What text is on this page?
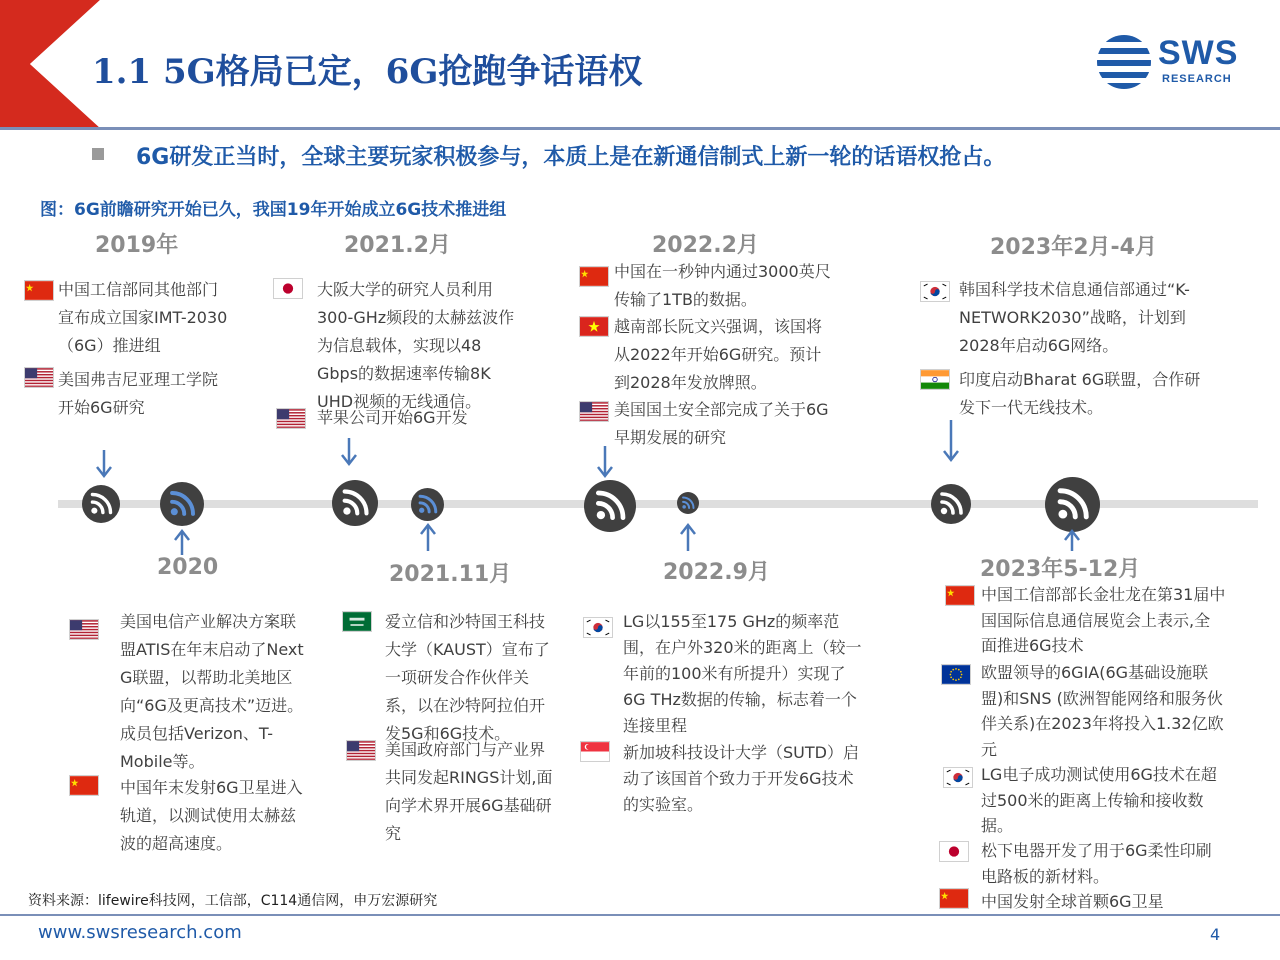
1.1 5G格局已定，6G抢跑争话语权	SWS
RESEARCH
6G研发正当时，全球主要玩家积极参与，本质上是在新通信制式上新一轮的话语权抢占。
图：6G前瞻研究开始已久，我国19年开始成立6G技术推进组
2019年	2021.2月	2022.2月	2023年2月-4月
2020	2021.11月	2022.9月	2023年5-12月
中国工信部同其他部门宣布成立国家IMT-2030（6G）推进组
美国弗吉尼亚理工学院开始6G研究
大阪大学的研究人员利用300-GHz频段的太赫兹波作为信息载体，实现以48 Gbps的数据速率传输8K UHD视频的无线通信。
苹果公司开始6G开发
中国在一秒钟内通过3000英尺传输了1TB的数据。
越南部长阮文兴强调，该国将从2022年开始6G研究。预计到2028年发放牌照。
美国国土安全部完成了关于6G早期发展的研究
韩国科学技术信息通信部通过“K-NETWORK2030”战略，计划到2028年启动6G网络。
印度启动Bharat 6G联盟，合作研发下一代无线技术。
美国电信产业解决方案联盟ATIS在年末启动了Next G联盟，以帮助北美地区向“6G及更高技术”迈进。成员包括Verizon、T-Mobile等。
中国年末发射6G卫星进入轨道，以测试使用太赫兹波的超高速度。
爱立信和沙特国王科技大学（KAUST）宣布了一项研发合作伙伴关系，以在沙特阿拉伯开发5G和6G技术。
美国政府部门与产业界共同发起RINGS计划,面向学术界开展6G基础研究
LG以155至175 GHz的频率范围，在户外320米的距离上（较一年前的100米有所提升）实现了6G THz数据的传输，标志着一个连接里程
新加坡科技设计大学（SUTD）启动了该国首个致力于开发6G技术的实验室。
中国工信部部长金壮龙在第31届中国国际信息通信展览会上表示,全面推进6G技术
欧盟领导的6GIA(6G基础设施联盟)和SNS (欧洲智能网络和服务伙伴关系)在2023年将投入1.32亿欧元
LG电子成功测试使用6G技术在超过500米的距离上传输和接收数据。
松下电器开发了用于6G柔性印刷电路板的新材料。
中国发射全球首颗6G卫星
资料来源：lifewire科技网，工信部，C114通信网，申万宏源研究
www.swsresearch.com	4
